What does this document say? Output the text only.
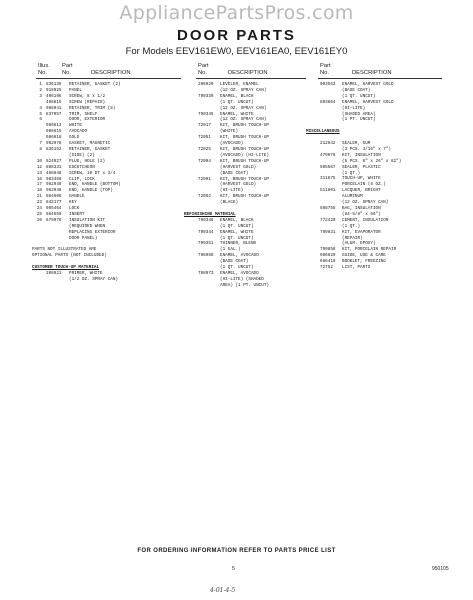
AppliancePartsPros.com
DOOR PARTS
For Models EEV161EW0, EEV161EA0, EEV161EY0
Illus.
No.
Part
No.	DESCRIPTION
Part
No.	DESCRIPTION
Part
No.	DESCRIPTION
1 836135	RETAINER, GASKET (2)
2 918925	PANEL
3 406196	SCREW, 8 x 1/2
486815	SCREW (REPAIR)
4 988941	RETAINER, TRIM (8)
5 837057	TRIM, SHELF
6	DOOR, EXTERIOR
986613	WHITE
986615	AVOCADO
986616	GOLD
7 962970	GASKET, MAGNETIC
8 836152	RETAINER, GASKET
(SIDE) (2)
10 524927	PLUG, HOLE (2)
12 888331	ESCUTCHEON
13 468848	SCREW, 10 DT x 3/4
16 983466	CLIP, LOCK
17 962949	END, HANDLE (BOTTOM)
18 962948	END, HANDLE (TOP)
21 984606	HANDLE
23 842177	KEY
24 985464	LOCK
25 984559	INSERT
26 679976	INSULATION KIT
(REQUIRED WHEN
REPLACING EXTERIOR
DOOR PANEL)
PARTS NOT ILLUSTRATED ARE
OPTIONAL PARTS (NOT INCLUDED)
CUSTOMER TOUCH-UP MATERIAL
208921	PRIMER, WHITE
(1/2 OZ. SPRAY CAN)
206920	LEVELER, ENAMEL
(12 OZ. SPRAY CAN)
799339	ENAMEL, BLACK
(1 QT. UNCUT)
(12 OZ. SPRAY CAN)
799345	ENAMEL, WHITE
(12 OZ. SPRAY CAN)
72017	KIT, BRUSH TOUCH-UP
(WHITE)
72051	KIT, BRUSH TOUCH-UP
(AVOCADO)
72025	KIT, BRUSH TOUCH-UP
(AVOCADO) (HI-LITE)
72094	KIT, BRUSH TOUCH-UP
(HARVEST GOLD)
(BASE COAT)
72091	KIT, BRUSH TOUCH-UP
(HARVEST GOLD)
(HI-LITE)
72052	KIT, BRUSH TOUCH-UP
(BLACK)
REFINISHING MATERIAL
799346	ENAMEL, BLACK
(1 QT. UNCUT)
799344	ENAMEL, WHITE
(1 QT. UNCUT)
799351	THINNER, BLEND
(1 GAL.)
798966	ENAMEL, AVOCADO
(BASE COAT)
(1 QT. UNCUT)
798973	ENAMEL, AVOCADO
(HI-LITE) (SHADED
AREA) (1 PT. UNCUT)
903563	ENAMEL, HARVEST GOLD
(BASE COAT)
(1 QT. UNCUT)
893664	ENAMEL, HARVEST GOLD
(HI-LITE)
(SHADED AREA)
(1 PT. UNCUT)
MISCELLANEOUS
212642	SEALER, GUM
(3 PCS. 3/16" x 7")
479976	KIT, INSULATION
(5 PCS. 8" x 26" x 82")
505567	SEALER, PLASTIC
(1 QT.)
311675	TOUCH-UP, WHITE
PORCELAIN (8 OZ.)
511801	LACQUER, BRIGHT
ALUMINUM
(12 OZ. SPRAY CAN)
508755	BAG, INSULATION
(84-5/8" x 66")
772420	CEMENT, INSULATION
(1 QT.)
799831	KIT, EVAPORATOR
(REPAIR)
(ALUM. EPOXY)
799858	KIT, PORCELAIN REPAIR
986929	GUIDE, USE & CARE
666419	BOOKLET, FREEZING
72752	LIST, PARTS
FOR ORDERING INFORMATION REFER TO PARTS PRICE LIST
5	950105
4-01-4-5
